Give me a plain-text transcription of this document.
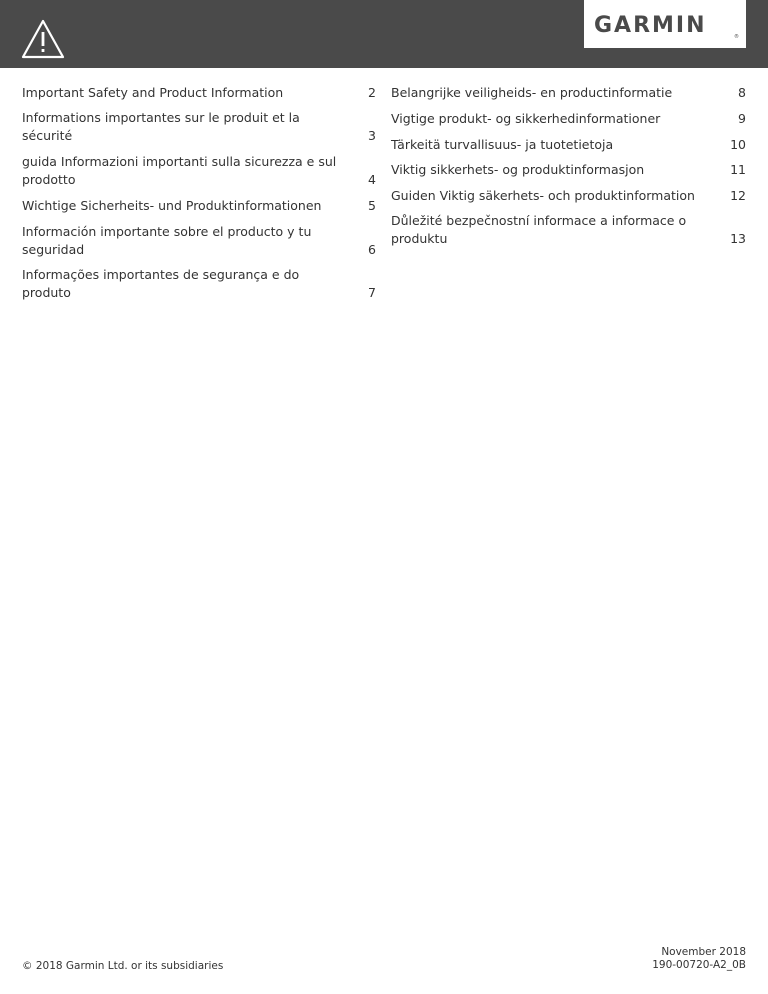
GARMIN	®
Important Safety and Product Information	2
Informations importantes sur le produit et la sécurité	3
guida Informazioni importanti sulla sicurezza e sul prodotto	4
Wichtige Sicherheits- und Produktinformationen	5
Información importante sobre el producto y tu seguridad	6
Informações importantes de segurança e do produto	7
Belangrijke veiligheids- en productinformatie	8
Vigtige produkt- og sikkerhedinformationer	9
Tärkeitä turvallisuus- ja tuotetietoja	10
Viktig sikkerhets- og produktinformasjon	11
Guiden Viktig säkerhets- och produktinformation	12
Důležité bezpečnostní informace a informace o produktu	13
© 2018 Garmin Ltd. or its subsidiaries
November 2018
190-00720-A2_0B
